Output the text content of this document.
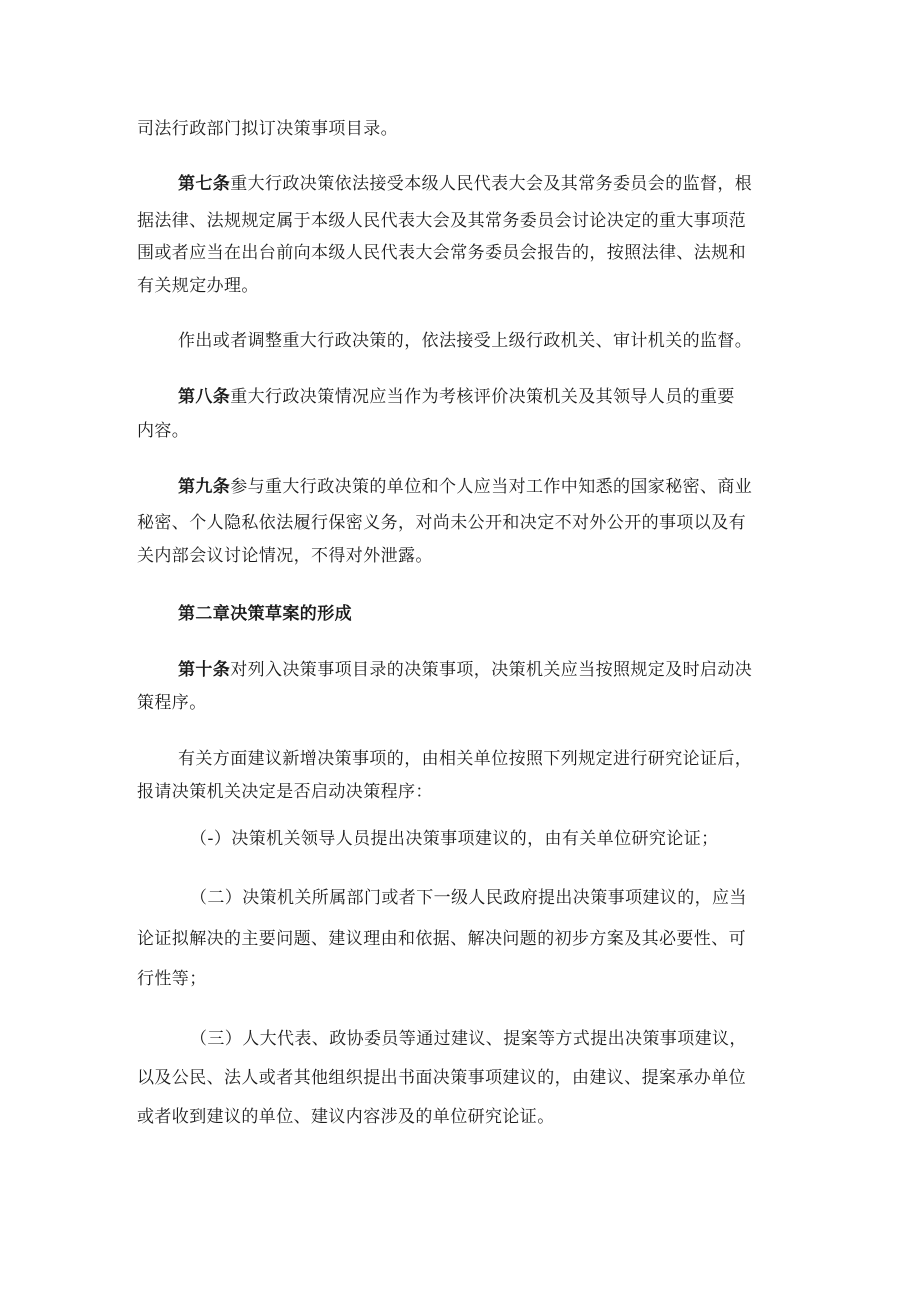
司法行政部门拟订决策事项目录。
第七条重大行政决策依法接受本级人民代表大会及其常务委员会的监督，根
据法律、法规规定属于本级人民代表大会及其常务委员会讨论决定的重大事项范
围或者应当在出台前向本级人民代表大会常务委员会报告的，按照法律、法规和
有关规定办理。
作出或者调整重大行政决策的，依法接受上级行政机关、审计机关的监督。
第八条重大行政决策情况应当作为考核评价决策机关及其领导人员的重要
内容。
第九条参与重大行政决策的单位和个人应当对工作中知悉的国家秘密、商业
秘密、个人隐私依法履行保密义务，对尚未公开和决定不对外公开的事项以及有
关内部会议讨论情况，不得对外泄露。
第二章决策草案的形成
第十条对列入决策事项目录的决策事项，决策机关应当按照规定及时启动决
策程序。
有关方面建议新增决策事项的，由相关单位按照下列规定进行研究论证后，
报请决策机关决定是否启动决策程序：
（-）决策机关领导人员提出决策事项建议的，由有关单位研究论证；
（二）决策机关所属部门或者下一级人民政府提出决策事项建议的，应当
论证拟解决的主要问题、建议理由和依据、解决问题的初步方案及其必要性、可
行性等；
（三）人大代表、政协委员等通过建议、提案等方式提出决策事项建议，
以及公民、法人或者其他组织提出书面决策事项建议的，由建议、提案承办单位
或者收到建议的单位、建议内容涉及的单位研究论证。
